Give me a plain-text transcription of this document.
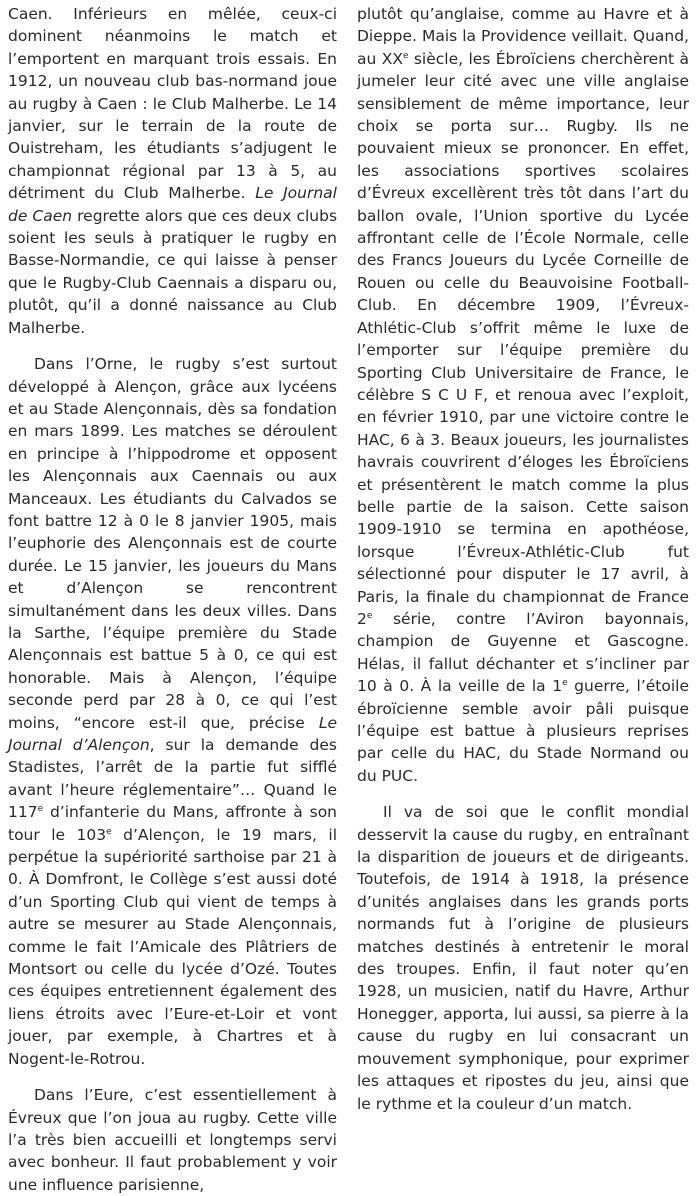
Caen. Inférieurs en mêlée, ceux-ci dominent néanmoins le match et l’emportent en marquant trois essais. En 1912, un nouveau club bas-normand joue au rugby à Caen : le Club Malherbe. Le 14 janvier, sur le terrain de la route de Ouistreham, les étudiants s’adjugent le championnat régional par 13 à 5, au détriment du Club Malherbe. Le Journal de Caen regrette alors que ces deux clubs soient les seuls à pratiquer le rugby en Basse-Normandie, ce qui laisse à penser que le Rugby-Club Caennais a disparu ou, plutôt, qu’il a donné naissance au Club Malherbe.

Dans l’Orne, le rugby s’est surtout développé à Alençon, grâce aux lycéens et au Stade Alençonnais, dès sa fondation en mars 1899. Les matches se déroulent en principe à l’hippodrome et opposent les Alençonnais aux Caennais ou aux Manceaux. Les étudiants du Calvados se font battre 12 à 0 le 8 janvier 1905, mais l’euphorie des Alençonnais est de courte durée. Le 15 janvier, les joueurs du Mans et d’Alençon se rencontrent simultanément dans les deux villes. Dans la Sarthe, l’équipe première du Stade Alençonnais est battue 5 à 0, ce qui est honorable. Mais à Alençon, l’équipe seconde perd par 28 à 0, ce qui l’est moins, “encore est-il que, précise Le Journal d’Alençon, sur la demande des Stadistes, l’arrêt de la partie fut sifflé avant l’heure réglementaire”… Quand le 117e d’infanterie du Mans, affronte à son tour le 103e d’Alençon, le 19 mars, il perpétue la supériorité sarthoise par 21 à 0. À Domfront, le Collège s’est aussi doté d’un Sporting Club qui vient de temps à autre se mesurer au Stade Alençonnais, comme le fait l’Amicale des Plâtriers de Montsort ou celle du lycée d’Ozé. Toutes ces équipes entretiennent également des liens étroits avec l’Eure-et-Loir et vont jouer, par exemple, à Chartres et à Nogent-le-Rotrou.

Dans l’Eure, c’est essentiellement à Évreux que l’on joua au rugby. Cette ville l’a très bien accueilli et longtemps servi avec bonheur. Il faut probablement y voir une influence parisienne,

plutôt qu’anglaise, comme au Havre et à Dieppe. Mais la Providence veillait. Quand, au XXe siècle, les Ébroïciens cherchèrent à jumeler leur cité avec une ville anglaise sensiblement de même importance, leur choix se porta sur… Rugby. Ils ne pouvaient mieux se prononcer. En effet, les associations sportives scolaires d’Évreux excellèrent très tôt dans l’art du ballon ovale, l’Union sportive du Lycée affrontant celle de l’École Normale, celle des Francs Joueurs du Lycée Corneille de Rouen ou celle du Beauvoisine Football-Club. En décembre 1909, l’Évreux-Athlétic-Club s’offrit même le luxe de l’emporter sur l’équipe première du Sporting Club Universitaire de France, le célèbre S C U F, et renoua avec l’exploit, en février 1910, par une victoire contre le HAC, 6 à 3. Beaux joueurs, les journalistes havrais couvrirent d’éloges les Ébroïciens et présentèrent le match comme la plus belle partie de la saison. Cette saison 1909-1910 se termina en apothéose, lorsque l’Évreux-Athlétic-Club fut sélectionné pour disputer le 17 avril, à Paris, la finale du championnat de France 2e série, contre l’Aviron bayonnais, champion de Guyenne et Gascogne. Hélas, il fallut déchanter et s’incliner par 10 à 0. À la veille de la 1e guerre, l’étoile ébroïcienne semble avoir pâli puisque l’équipe est battue à plusieurs reprises par celle du HAC, du Stade Normand ou du PUC.

Il va de soi que le conflit mondial desservit la cause du rugby, en entraînant la disparition de joueurs et de dirigeants. Toutefois, de 1914 à 1918, la présence d’unités anglaises dans les grands ports normands fut à l’origine de plusieurs matches destinés à entretenir le moral des troupes. Enfin, il faut noter qu’en 1928, un musicien, natif du Havre, Arthur Honegger, apporta, lui aussi, sa pierre à la cause du rugby en lui consacrant un mouvement symphonique, pour exprimer les attaques et ripostes du jeu, ainsi que le rythme et la couleur d’un match.
